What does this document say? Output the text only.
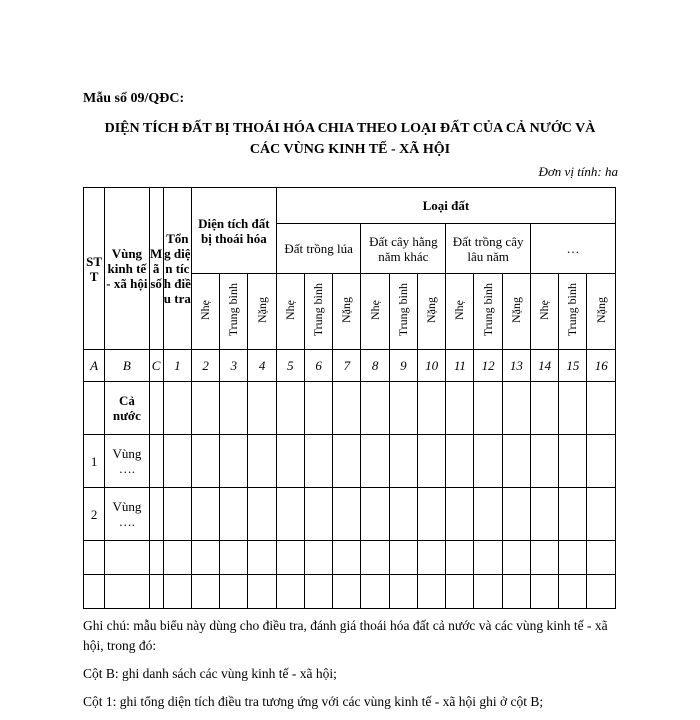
Mẫu số 09/QĐC:
DIỆN TÍCH ĐẤT BỊ THOÁI HÓA CHIA THEO LOẠI ĐẤT CỦA CẢ NƯỚC VÀ
CÁC VÙNG KINH TẾ - XÃ HỘI
Đơn vị tính: ha
STT	Vùng kinh tế - xã hội	Mã số	Tổng diện tích điều tra	Diện tích đất bị thoái hóa			Loại đất											
							Đất trồng lúa			Đất cây hằng năm khác			Đất trồng cây lâu năm			…		
				Nhẹ	Trung bình	Nặng	Nhẹ	Trung bình	Nặng	Nhẹ	Trung bình	Nặng	Nhẹ	Trung bình	Nặng	Nhẹ	Trung bình	Nặng
A	B	C	1	2	3	4	5	6	7	8	9	10	11	12	13	14	15	16
	Cả nước																	
1	Vùng ….																	
2	Vùng ….																	

Ghi chú: mẫu biểu này dùng cho điều tra, đánh giá thoái hóa đất cả nước và các vùng kinh tế - xã hội, trong đó:

Cột B: ghi danh sách các vùng kinh tế - xã hội;

Cột 1: ghi tổng diện tích điều tra tương ứng với các vùng kinh tế - xã hội ghi ở cột B;
